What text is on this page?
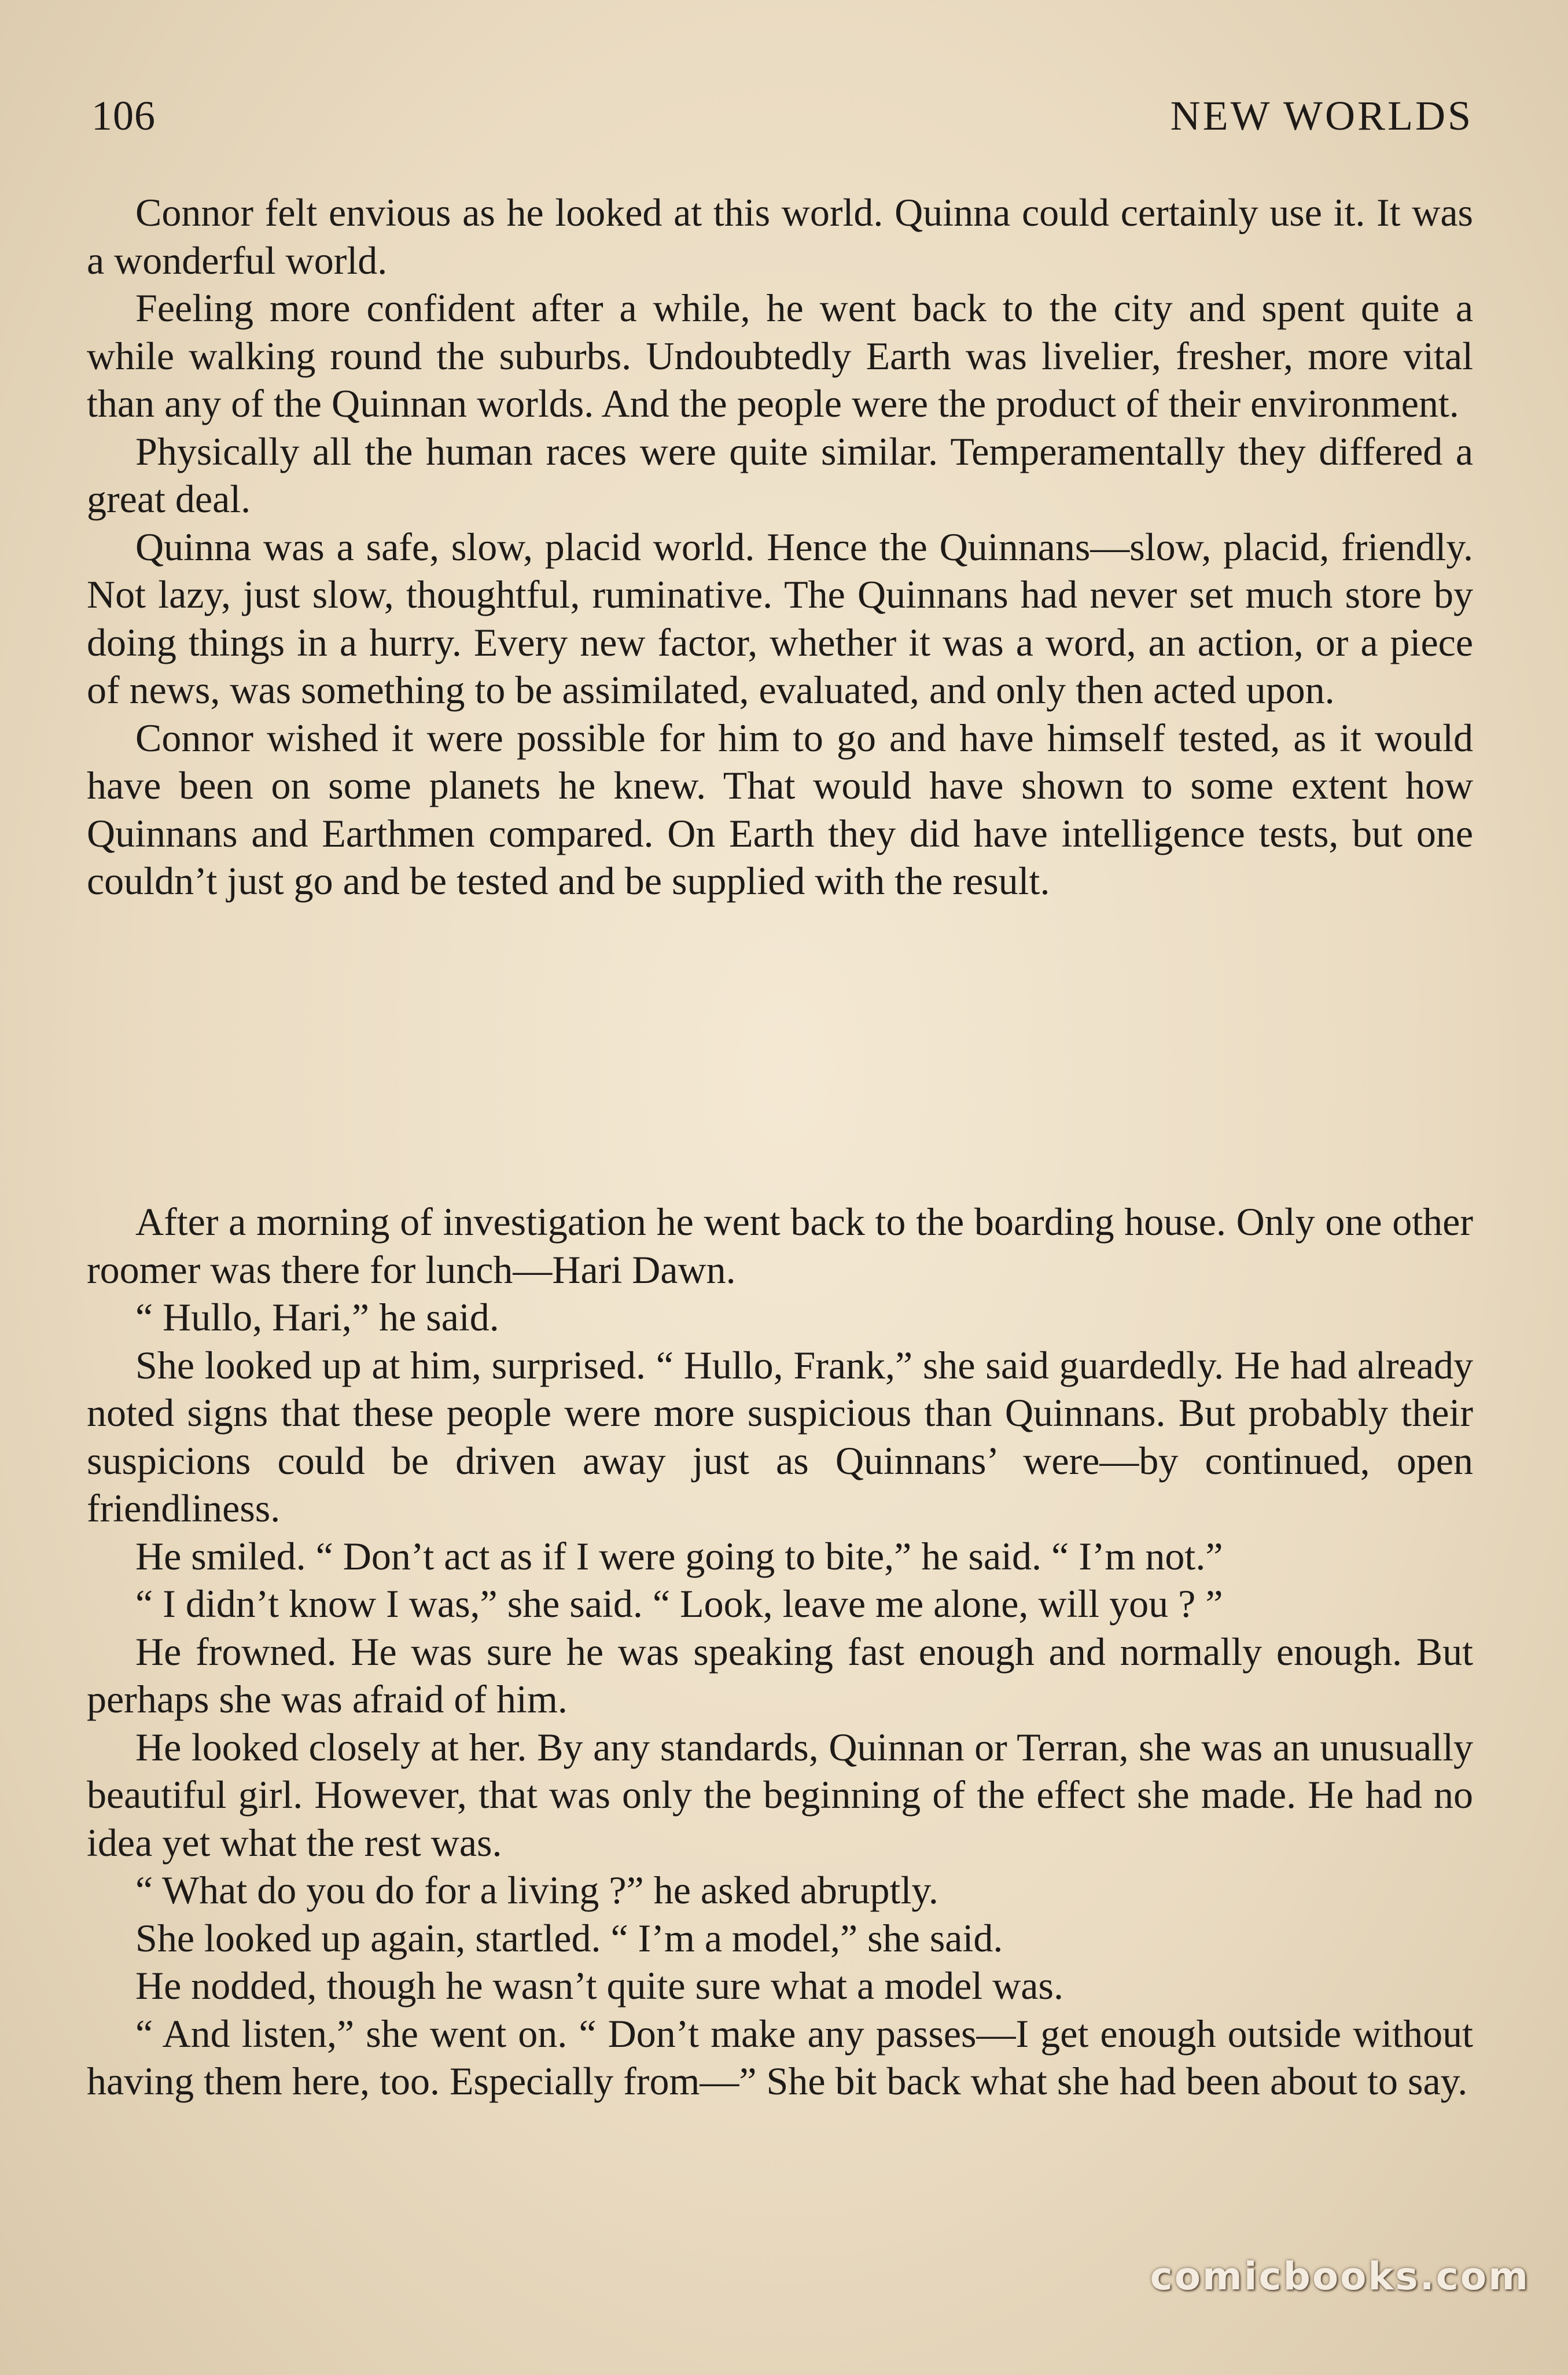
106	NEW WORLDS

Connor felt envious as he looked at this world. Quinna could certainly use it. It was a wonderful world.

Feeling more confident after a while, he went back to the city and spent quite a while walking round the suburbs. Undoubtedly Earth was livelier, fresher, more vital than any of the Quinnan worlds. And the people were the product of their environment.

Physically all the human races were quite similar. Temperamentally they differed a great deal.

Quinna was a safe, slow, placid world. Hence the Quinnans—slow, placid, friendly. Not lazy, just slow, thoughtful, ruminative. The Quinnans had never set much store by doing things in a hurry. Every new factor, whether it was a word, an action, or a piece of news, was something to be assimilated, evaluated, and only then acted upon.

Connor wished it were possible for him to go and have himself tested, as it would have been on some planets he knew. That would have shown to some extent how Quinnans and Earthmen compared. On Earth they did have intelligence tests, but one couldn’t just go and be tested and be supplied with the result.

After a morning of investigation he went back to the boarding house. Only one other roomer was there for lunch—Hari Dawn.

“ Hullo, Hari,” he said.

She looked up at him, surprised. “ Hullo, Frank,” she said guardedly. He had already noted signs that these people were more suspicious than Quinnans. But probably their suspicions could be driven away just as Quinnans’ were—by continued, open friendliness.

He smiled. “ Don’t act as if I were going to bite,” he said. “ I’m not.”

“ I didn’t know I was,” she said. “ Look, leave me alone, will you ? ”

He frowned. He was sure he was speaking fast enough and normally enough. But perhaps she was afraid of him.

He looked closely at her. By any standards, Quinnan or Terran, she was an unusually beautiful girl. However, that was only the beginning of the effect she made. He had no idea yet what the rest was.

“ What do you do for a living ?” he asked abruptly.

She looked up again, startled. “ I’m a model,” she said.

He nodded, though he wasn’t quite sure what a model was.

“ And listen,” she went on. “ Don’t make any passes—I get enough outside without having them here, too. Especially from—” She bit back what she had been about to say.

comicbooks.com
